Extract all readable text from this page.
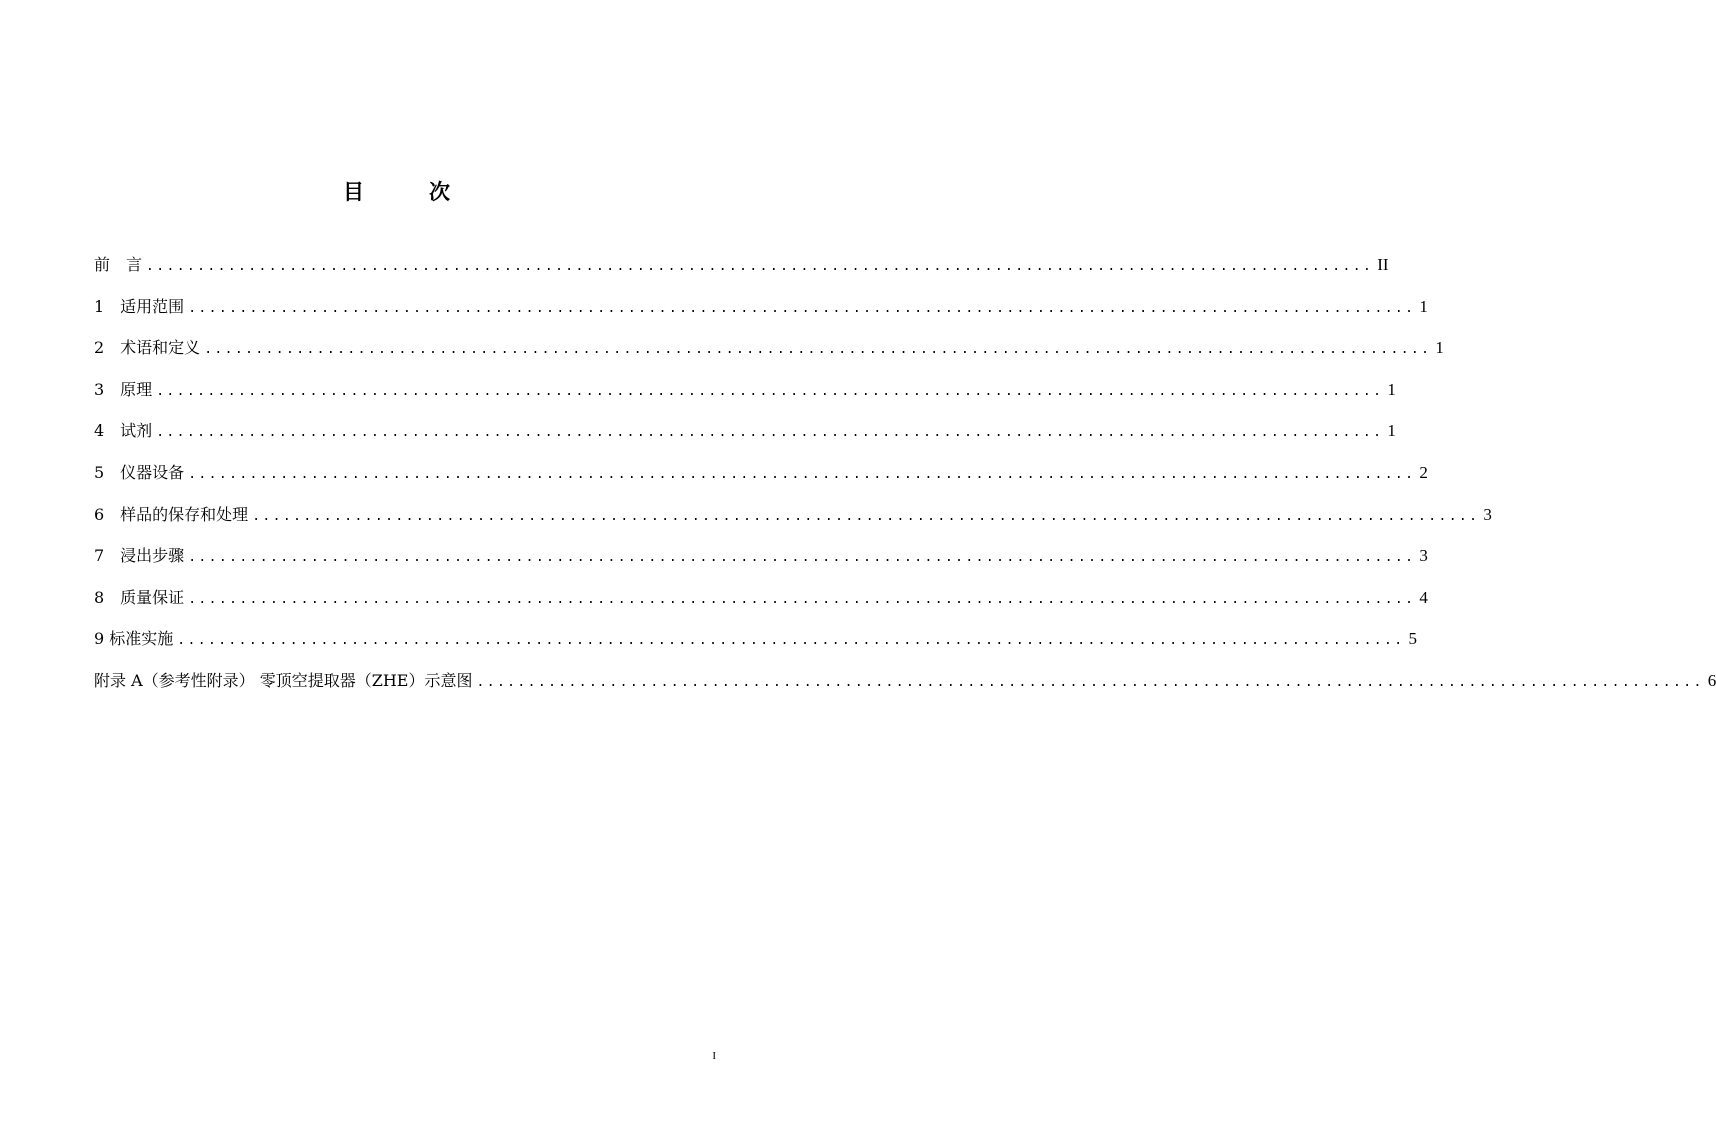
目　次
前　言 ........................................................................................................................ II
1　适用范围 ........................................................................................................................ 1
2　术语和定义 ........................................................................................................................ 1
3　原理 ........................................................................................................................ 1
4　试剂 ........................................................................................................................ 1
5　仪器设备 ........................................................................................................................ 2
6　样品的保存和处理 ........................................................................................................................ 3
7　浸出步骤 ........................................................................................................................ 3
8　质量保证 ........................................................................................................................ 4
9 标准实施 ........................................................................................................................ 5
附录 A（参考性附录） 零顶空提取器（ZHE）示意图 ........................................................................................................................ 6
I
